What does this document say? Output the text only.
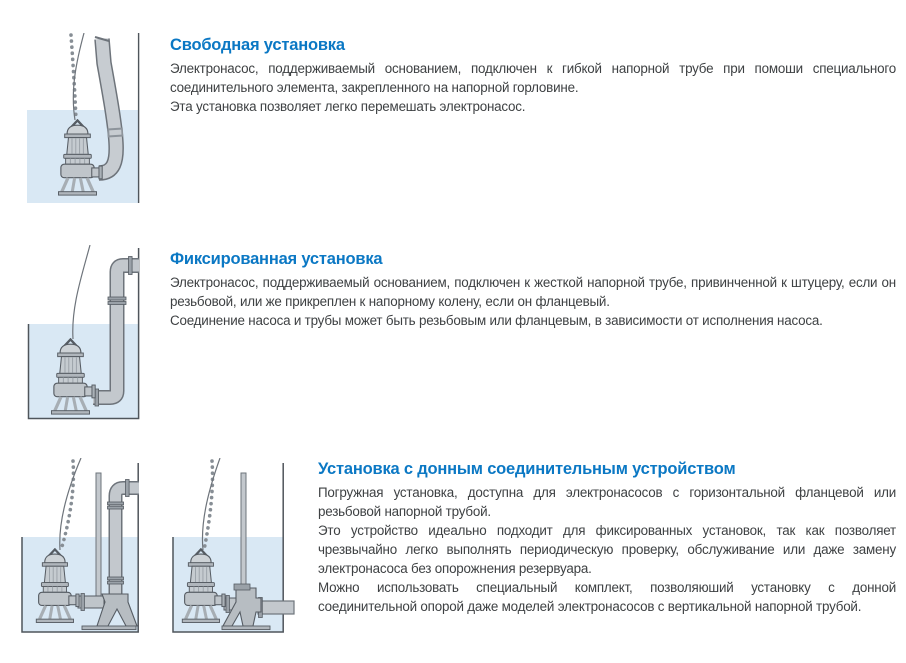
Свободная установка

Электронасос, поддерживаемый основанием, подключен к гибкой напорной трубе при помоши специального соединительного элемента, закрепленного на напорной горловине.

Эта установка позволяет легко перемешать электронасос.

Фиксированная установка

Электронасос, поддерживаемый основанием, подключен к жесткой напорной трубе, привинченной к штуцеру, если он резьбовой, или же прикреплен к напорному колену, если он фланцевый.

Соединение насоса и трубы может быть резьбовым или фланцевым, в зависимости от исполнения насоса.

Установка с донным соединительным устройством

Погружная установка, доступна для электронасосов с горизонтальной фланцевой или резьбовой напорной трубой.

Это устройство идеально подходит для фиксированных установок, так как позволяет чрезвычайно легко выполнять периодическую проверку, обслуживание или даже замену электронасоса без опорожнения резервуара.

Можно использовать специальный комплект, позволяюший установку с донной соединительной опорой даже моделей электронасосов с вертикальной напорной трубой.
